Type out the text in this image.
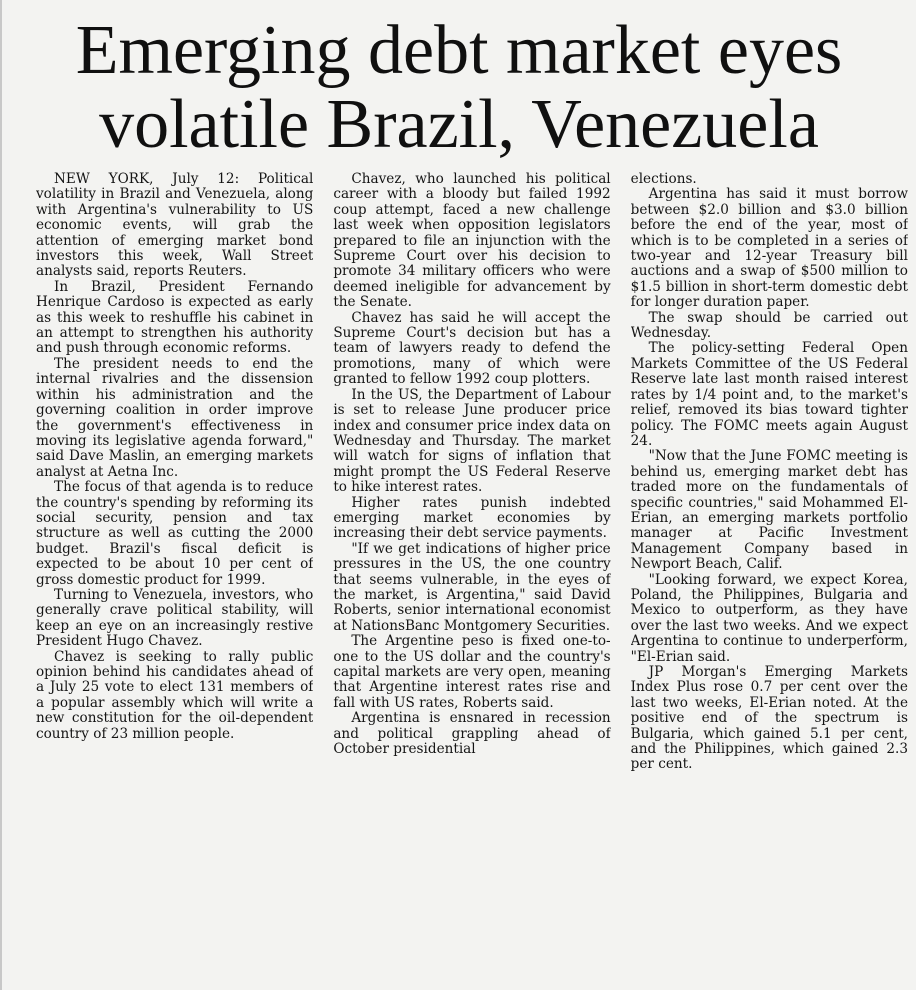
Emerging debt market eyes
volatile Brazil, Venezuela

NEW YORK, July 12: Political volatility in Brazil and Venezuela, along with Argentina's vulnerability to US economic events, will grab the attention of emerging market bond investors this week, Wall Street analysts said, reports Reuters.

In Brazil, President Fernando Henrique Cardoso is expected as early as this week to reshuffle his cabinet in an attempt to strengthen his authority and push through economic reforms.

The president needs to end the internal rivalries and the dissension within his administration and the governing coalition in order improve the government's effectiveness in moving its legislative agenda forward," said Dave Maslin, an emerging markets analyst at Aetna Inc.

The focus of that agenda is to reduce the country's spending by reforming its social security, pension and tax structure as well as cutting the 2000 budget. Brazil's fiscal deficit is expected to be about 10 per cent of gross domestic product for 1999.

Turning to Venezuela, investors, who generally crave political stability, will keep an eye on an increasingly restive President Hugo Chavez.

Chavez is seeking to rally public opinion behind his candidates ahead of a July 25 vote to elect 131 members of a popular assembly which will write a new constitution for the oil-dependent country of 23 million people.

Chavez, who launched his political career with a bloody but failed 1992 coup attempt, faced a new challenge last week when opposition legislators prepared to file an injunction with the Supreme Court over his decision to promote 34 military officers who were deemed ineligible for advancement by the Senate.

Chavez has said he will accept the Supreme Court's decision but has a team of lawyers ready to defend the promotions, many of which were granted to fellow 1992 coup plotters.

In the US, the Department of Labour is set to release June producer price index and consumer price index data on Wednesday and Thursday. The market will watch for signs of inflation that might prompt the US Federal Reserve to hike interest rates.

Higher rates punish indebted emerging market economies by increasing their debt service payments.

"If we get indications of higher price pressures in the US, the one country that seems vulnerable, in the eyes of the market, is Argentina," said David Roberts, senior international economist at NationsBanc Montgomery Securities.

The Argentine peso is fixed one-to-one to the US dollar and the country's capital markets are very open, meaning that Argentine interest rates rise and fall with US rates, Roberts said.

Argentina is ensnared in recession and political grappling ahead of October presidential

elections.

Argentina has said it must borrow between $2.0 billion and $3.0 billion before the end of the year, most of which is to be completed in a series of two-year and 12-year Treasury bill auctions and a swap of $500 million to $1.5 billion in short-term domestic debt for longer duration paper.

The swap should be carried out Wednesday.

The policy-setting Federal Open Markets Committee of the US Federal Reserve late last month raised interest rates by 1/4 point and, to the market's relief, removed its bias toward tighter policy. The FOMC meets again August 24.

"Now that the June FOMC meeting is behind us, emerging market debt has traded more on the fundamentals of specific countries," said Mohammed El-Erian, an emerging markets portfolio manager at Pacific Investment Management Company based in Newport Beach, Calif.

"Looking forward, we expect Korea, Poland, the Philippines, Bulgaria and Mexico to outperform, as they have over the last two weeks. And we expect Argentina to continue to underperform, "El-Erian said.

JP Morgan's Emerging Markets Index Plus rose 0.7 per cent over the last two weeks, El-Erian noted. At the positive end of the spectrum is Bulgaria, which gained 5.1 per cent, and the Philippines, which gained 2.3 per cent.
